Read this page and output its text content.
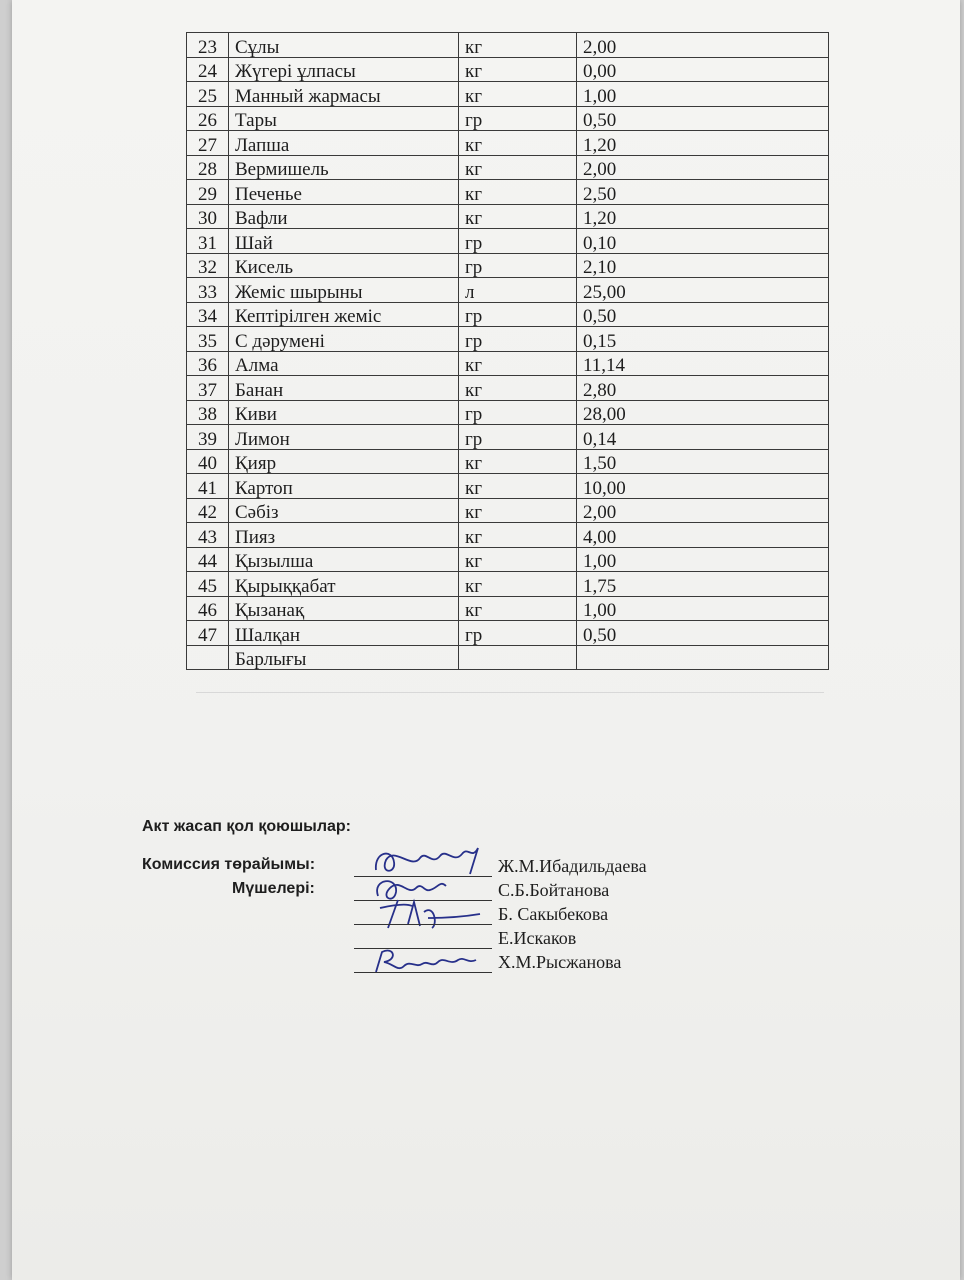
23	Сұлы	кг	2,00
24	Жүгері ұлпасы	кг	0,00
25	Манный жармасы	кг	1,00
26	Тары	гр	0,50
27	Лапша	кг	1,20
28	Вермишель	кг	2,00
29	Печенье	кг	2,50
30	Вафли	кг	1,20
31	Шай	гр	0,10
32	Кисель	гр	2,10
33	Жеміс шырыны	л	25,00
34	Кептірілген жеміс	гр	0,50
35	С дәрумені	гр	0,15
36	Алма	кг	11,14
37	Банан	кг	2,80
38	Киви	гр	28,00
39	Лимон	гр	0,14
40	Қияр	кг	1,50
41	Картоп	кг	10,00
42	Сәбіз	кг	2,00
43	Пияз	кг	4,00
44	Қызылша	кг	1,00
45	Қырыққабат	кг	1,75
46	Қызанақ	кг	1,00
47	Шалқан	гр	0,50
	Барлығы		
Акт жасап қол қоюшылар:
Комиссия төрайымы:
Мүшелері:
Ж.М.Ибадильдаева
С.Б.Бойтанова
Б. Сакыбекова
Е.Искаков
Х.М.Рысжанова
